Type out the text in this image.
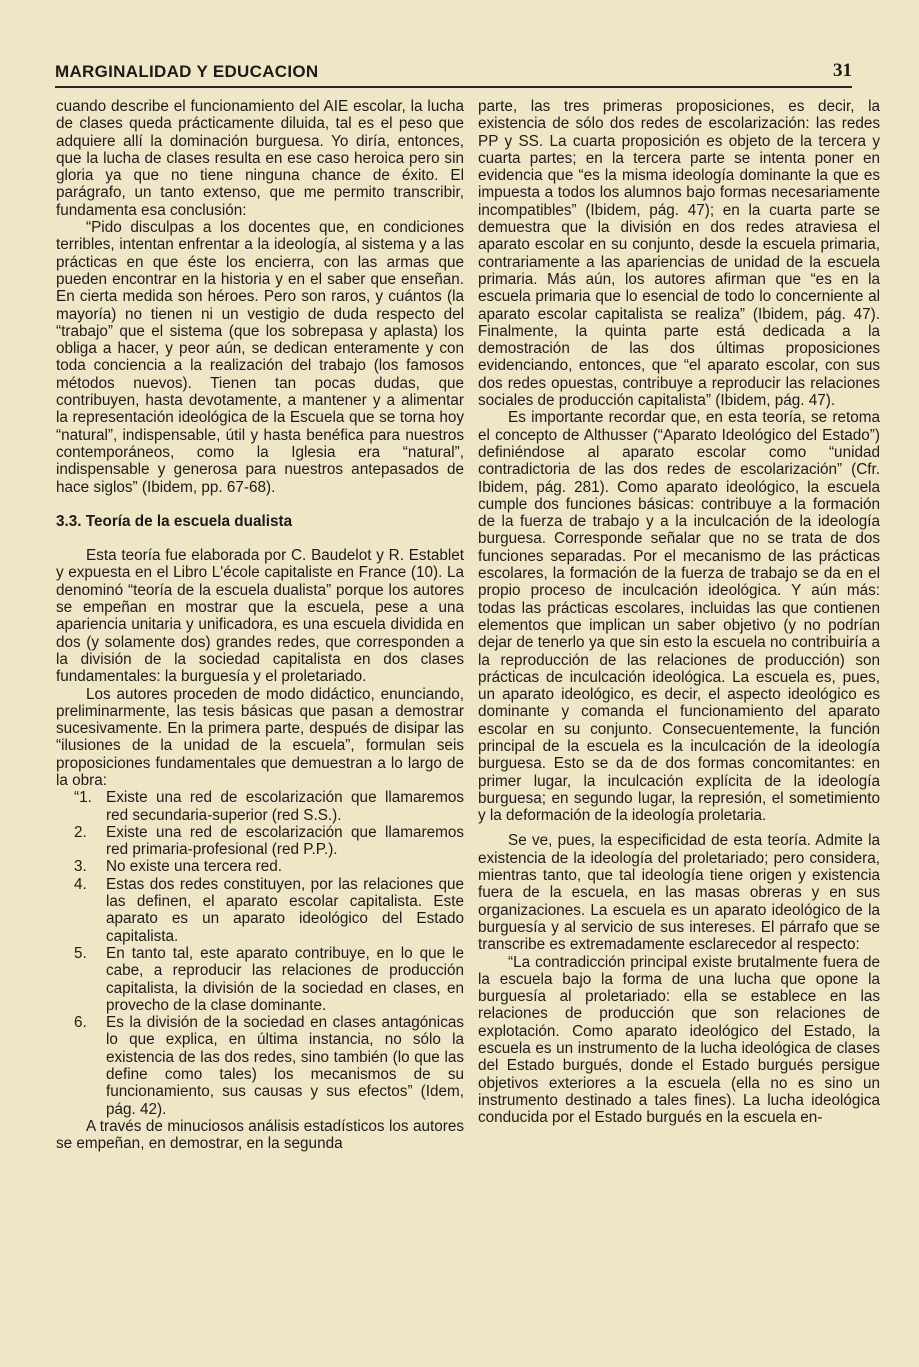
MARGINALIDAD Y EDUCACION	31

cuando describe el funcionamiento del AIE escolar, la lucha de clases queda prácticamente diluida, tal es el peso que adquiere allí la dominación burguesa. Yo diría, entonces, que la lucha de clases resulta en ese caso heroica pero sin gloria ya que no tiene ninguna chance de éxito. El parágrafo, un tanto extenso, que me permito transcribir, fundamenta esa conclusión:

“Pido disculpas a los docentes que, en condiciones terribles, intentan enfrentar a la ideología, al sistema y a las prácticas en que éste los encierra, con las armas que pueden encontrar en la historia y en el saber que enseñan. En cierta medida son héroes. Pero son raros, y cuántos (la mayoría) no tienen ni un vestigio de duda respecto del “trabajo” que el sistema (que los sobrepasa y aplasta) los obliga a hacer, y peor aún, se dedican enteramente y con toda conciencia a la realización del trabajo (los famosos métodos nuevos). Tienen tan pocas dudas, que contribuyen, hasta devotamente, a mantener y a alimentar la representación ideológica de la Escuela que se torna hoy “natural”, indispensable, útil y hasta benéfica para nuestros contemporáneos, como la Iglesia era “natural”, indispensable y generosa para nuestros antepasados de hace siglos” (Ibidem, pp. 67-68).

3.3. Teoría de la escuela dualista

Esta teoría fue elaborada por C. Baudelot y R. Establet y expuesta en el Libro L'école capitaliste en France (10). La denominó “teoría de la escuela dualista” porque los autores se empeñan en mostrar que la escuela, pese a una apariencia unitaria y unificadora, es una escuela dividida en dos (y solamente dos) grandes redes, que corresponden a la división de la sociedad capitalista en dos clases fundamentales: la burguesía y el proletariado.

Los autores proceden de modo didáctico, enunciando, preliminarmente, las tesis básicas que pasan a demostrar sucesivamente. En la primera parte, después de disipar las “ilusiones de la unidad de la escuela”, formulan seis proposiciones fundamentales que demuestran a lo largo de la obra:

“1. Existe una red de escolarización que llamaremos red secundaria-superior (red S.S.).
2. Existe una red de escolarización que llamaremos red primaria-profesional (red P.P.).
3. No existe una tercera red.
4. Estas dos redes constituyen, por las relaciones que las definen, el aparato escolar capitalista. Este aparato es un aparato ideológico del Estado capitalista.
5. En tanto tal, este aparato contribuye, en lo que le cabe, a reproducir las relaciones de producción capitalista, la división de la sociedad en clases, en provecho de la clase dominante.
6. Es la división de la sociedad en clases antagónicas lo que explica, en última instancia, no sólo la existencia de las dos redes, sino también (lo que las define como tales) los mecanismos de su funcionamiento, sus causas y sus efectos” (Idem, pág. 42).

A través de minuciosos análisis estadísticos los autores se empeñan, en demostrar, en la segunda

parte, las tres primeras proposiciones, es decir, la existencia de sólo dos redes de escolarización: las redes PP y SS. La cuarta proposición es objeto de la tercera y cuarta partes; en la tercera parte se intenta poner en evidencia que “es la misma ideología dominante la que es impuesta a todos los alumnos bajo formas necesariamente incompatibles” (Ibidem, pág. 47); en la cuarta parte se demuestra que la división en dos redes atraviesa el aparato escolar en su conjunto, desde la escuela primaria, contrariamente a las apariencias de unidad de la escuela primaria. Más aún, los autores afirman que “es en la escuela primaria que lo esencial de todo lo concerniente al aparato escolar capitalista se realiza” (Ibidem, pág. 47). Finalmente, la quinta parte está dedicada a la demostración de las dos últimas proposiciones evidenciando, entonces, que “el aparato escolar, con sus dos redes opuestas, contribuye a reproducir las relaciones sociales de producción capitalista” (Ibidem, pág. 47).

Es importante recordar que, en esta teoría, se retoma el concepto de Althusser (“Aparato Ideológico del Estado”) definiéndose al aparato escolar como “unidad contradictoria de las dos redes de escolarización” (Cfr. Ibidem, pág. 281). Como aparato ideológico, la escuela cumple dos funciones básicas: contribuye a la formación de la fuerza de trabajo y a la inculcación de la ideología burguesa. Corresponde señalar que no se trata de dos funciones separadas. Por el mecanismo de las prácticas escolares, la formación de la fuerza de trabajo se da en el propio proceso de inculcación ideológica. Y aún más: todas las prácticas escolares, incluidas las que contienen elementos que implican un saber objetivo (y no podrían dejar de tenerlo ya que sin esto la escuela no contribuiría a la reproducción de las relaciones de producción) son prácticas de inculcación ideológica. La escuela es, pues, un aparato ideológico, es decir, el aspecto ideológico es dominante y comanda el funcionamiento del aparato escolar en su conjunto. Consecuentemente, la función principal de la escuela es la inculcación de la ideología burguesa. Esto se da de dos formas concomitantes: en primer lugar, la inculcación explícita de la ideología burguesa; en segundo lugar, la represión, el sometimiento y la deformación de la ideología proletaria.

Se ve, pues, la especificidad de esta teoría. Admite la existencia de la ideología del proletariado; pero considera, mientras tanto, que tal ideología tiene origen y existencia fuera de la escuela, en las masas obreras y en sus organizaciones. La escuela es un aparato ideológico de la burguesía y al servicio de sus intereses. El párrafo que se transcribe es extremadamente esclarecedor al respecto:

“La contradicción principal existe brutalmente fuera de la escuela bajo la forma de una lucha que opone la burguesía al proletariado: ella se establece en las relaciones de producción que son relaciones de explotación. Como aparato ideológico del Estado, la escuela es un instrumento de la lucha ideológica de clases del Estado burgués, donde el Estado burgués persigue objetivos exteriores a la escuela (ella no es sino un instrumento destinado a tales fines). La lucha ideológica conducida por el Estado burgués en la escuela en-
